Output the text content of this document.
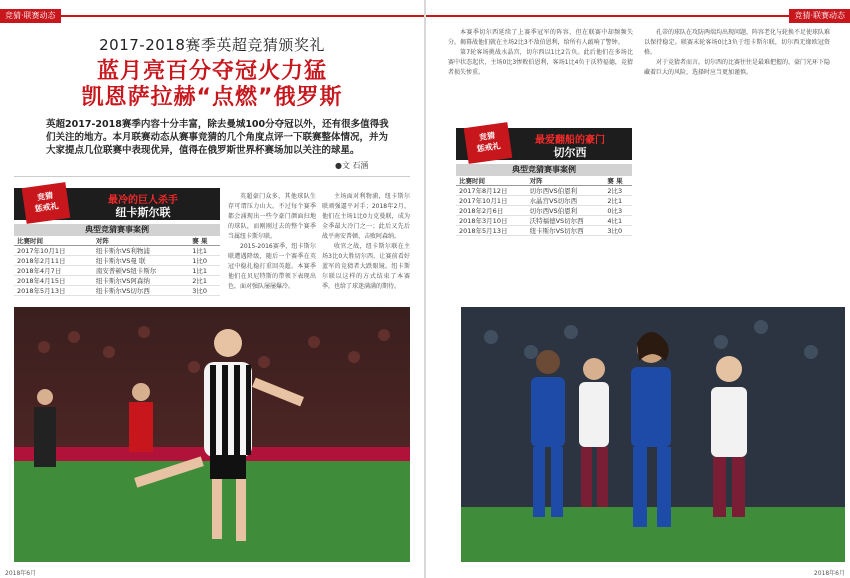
竞猜·联赛动态
2017-2018赛季英超竞猜颁奖礼
蓝月亮百分夺冠火力猛
凯恩萨拉赫“点燃”俄罗斯
英超2017-2018赛季内容十分丰富，除去曼城100分夺冠以外，还有很多值得我们关注的地方。本月联赛动态从赛事竞猜的几个角度点评一下联赛整体情况，并为大家提点几位联赛中表现优异，值得在俄罗斯世界杯赛场加以关注的球星。
●文 石涵
竞猜
惩戒礼
最冷的巨人杀手
纽卡斯尔联
典型竞猜赛事案例
比赛时间	对阵	赛 果
2017年10月1日	纽卡斯尔VS利物浦	1比1
2018年2月11日	纽卡斯尔VS曼 联	1比0
2018年4月7日	南安普顿VS纽卡斯尔	1比1
2018年4月15日	纽卡斯尔VS阿森纳	2比1
2018年5月13日	纽卡斯尔VS切尔西	3比0

英超豪门众多，其他球队生存可谓压力山大。不过每个赛季都会涌现出一些令豪门颜面扫地的球队，而刚刚过去的整个赛季当属纽卡斯尔联。

2015-2016赛季，纽卡斯尔联遭遇降级，随后一个赛季在英冠中稳扎稳打重回英超。本赛季他们在贝尼特斯的带领下表现出色，面对强队屡屡爆冷。

主场面对利物浦，纽卡斯尔联顽强逼平对手；2018年2月，他们在主场1比0力克曼联，成为全季最大冷门之一；此后又先后战平南安普顿、击败阿森纳。

收官之战，纽卡斯尔联在主场3比0大胜切尔西，让赛前看好蓝军的竞猜者大跌眼镜。纽卡斯尔联以这样的方式结束了本赛季，也给了球迷满满的期待。

2018年6月
竞猜·联赛动态

本赛季切尔西延续了上赛季冠军的阵容，但在联赛中却频频失分。揭幕战他们就在主场2比3不敌伯恩利，给所有人敲响了警钟。

第7轮客场挑战水晶宫，切尔西以1比2告负。此后他们在多场比赛中状态起伏，主场0比3惨败伯恩利，客场1比4负于沃特福德，竞猜者损失惨重。

孔蒂的球队在攻防两端均出现问题，阵容老化与轮换不足使球队难以保持稳定。联赛末轮客场0比3负于纽卡斯尔联，切尔西无缘欧冠资格。

对于竞猜者而言，切尔西的比赛往往是最难把握的，豪门光环下隐藏着巨大的风险，选择时应当更加谨慎。

竞猜
惩戒礼
最爱翻船的豪门
切尔西
典型竞猜赛事案例
比赛时间	对阵	赛 果
2017年8月12日	切尔西VS伯恩利	2比3
2017年10月1日	水晶宫VS切尔西	2比1
2018年2月6日	切尔西VS伯恩利	0比3
2018年3月10日	沃特福德VS切尔西	4比1
2018年5月13日	纽卡斯尔VS切尔西	3比0
2018年6月
